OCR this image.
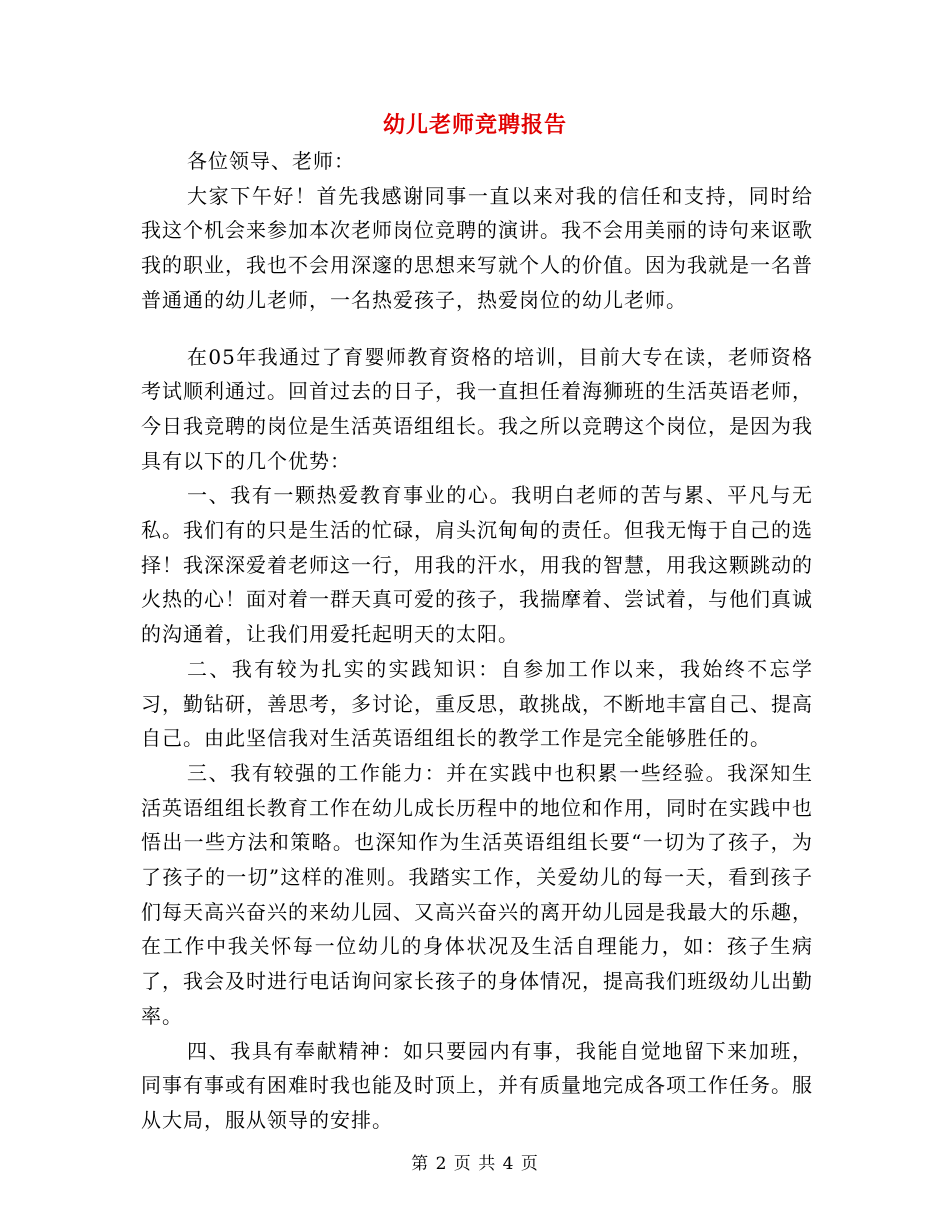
幼儿老师竞聘报告

各位领导、老师：

大家下午好！首先我感谢同事一直以来对我的信任和支持，同时给我这个机会来参加本次老师岗位竞聘的演讲。我不会用美丽的诗句来讴歌我的职业，我也不会用深邃的思想来写就个人的价值。因为我就是一名普普通通的幼儿老师，一名热爱孩子，热爱岗位的幼儿老师。

在05年我通过了育婴师教育资格的培训，目前大专在读，老师资格考试顺利通过。回首过去的日子，我一直担任着海狮班的生活英语老师，今日我竞聘的岗位是生活英语组组长。我之所以竞聘这个岗位，是因为我具有以下的几个优势：

一、我有一颗热爱教育事业的心。我明白老师的苦与累、平凡与无私。我们有的只是生活的忙碌，肩头沉甸甸的责任。但我无悔于自己的选择！我深深爱着老师这一行，用我的汗水，用我的智慧，用我这颗跳动的火热的心！面对着一群天真可爱的孩子，我揣摩着、尝试着，与他们真诚的沟通着，让我们用爱托起明天的太阳。

二、我有较为扎实的实践知识：自参加工作以来，我始终不忘学习，勤钻研，善思考，多讨论，重反思，敢挑战，不断地丰富自己、提高自己。由此坚信我对生活英语组组长的教学工作是完全能够胜任的。

三、我有较强的工作能力：并在实践中也积累一些经验。我深知生活英语组组长教育工作在幼儿成长历程中的地位和作用，同时在实践中也悟出一些方法和策略。也深知作为生活英语组组长要“一切为了孩子，为了孩子的一切”这样的准则。我踏实工作，关爱幼儿的每一天，看到孩子们每天高兴奋兴的来幼儿园、又高兴奋兴的离开幼儿园是我最大的乐趣，在工作中我关怀每一位幼儿的身体状况及生活自理能力，如：孩子生病了，我会及时进行电话询问家长孩子的身体情况，提高我们班级幼儿出勤率。

四、我具有奉献精神：如只要园内有事，我能自觉地留下来加班，同事有事或有困难时我也能及时顶上，并有质量地完成各项工作任务。服从大局，服从领导的安排。

第 2 页 共 4 页
